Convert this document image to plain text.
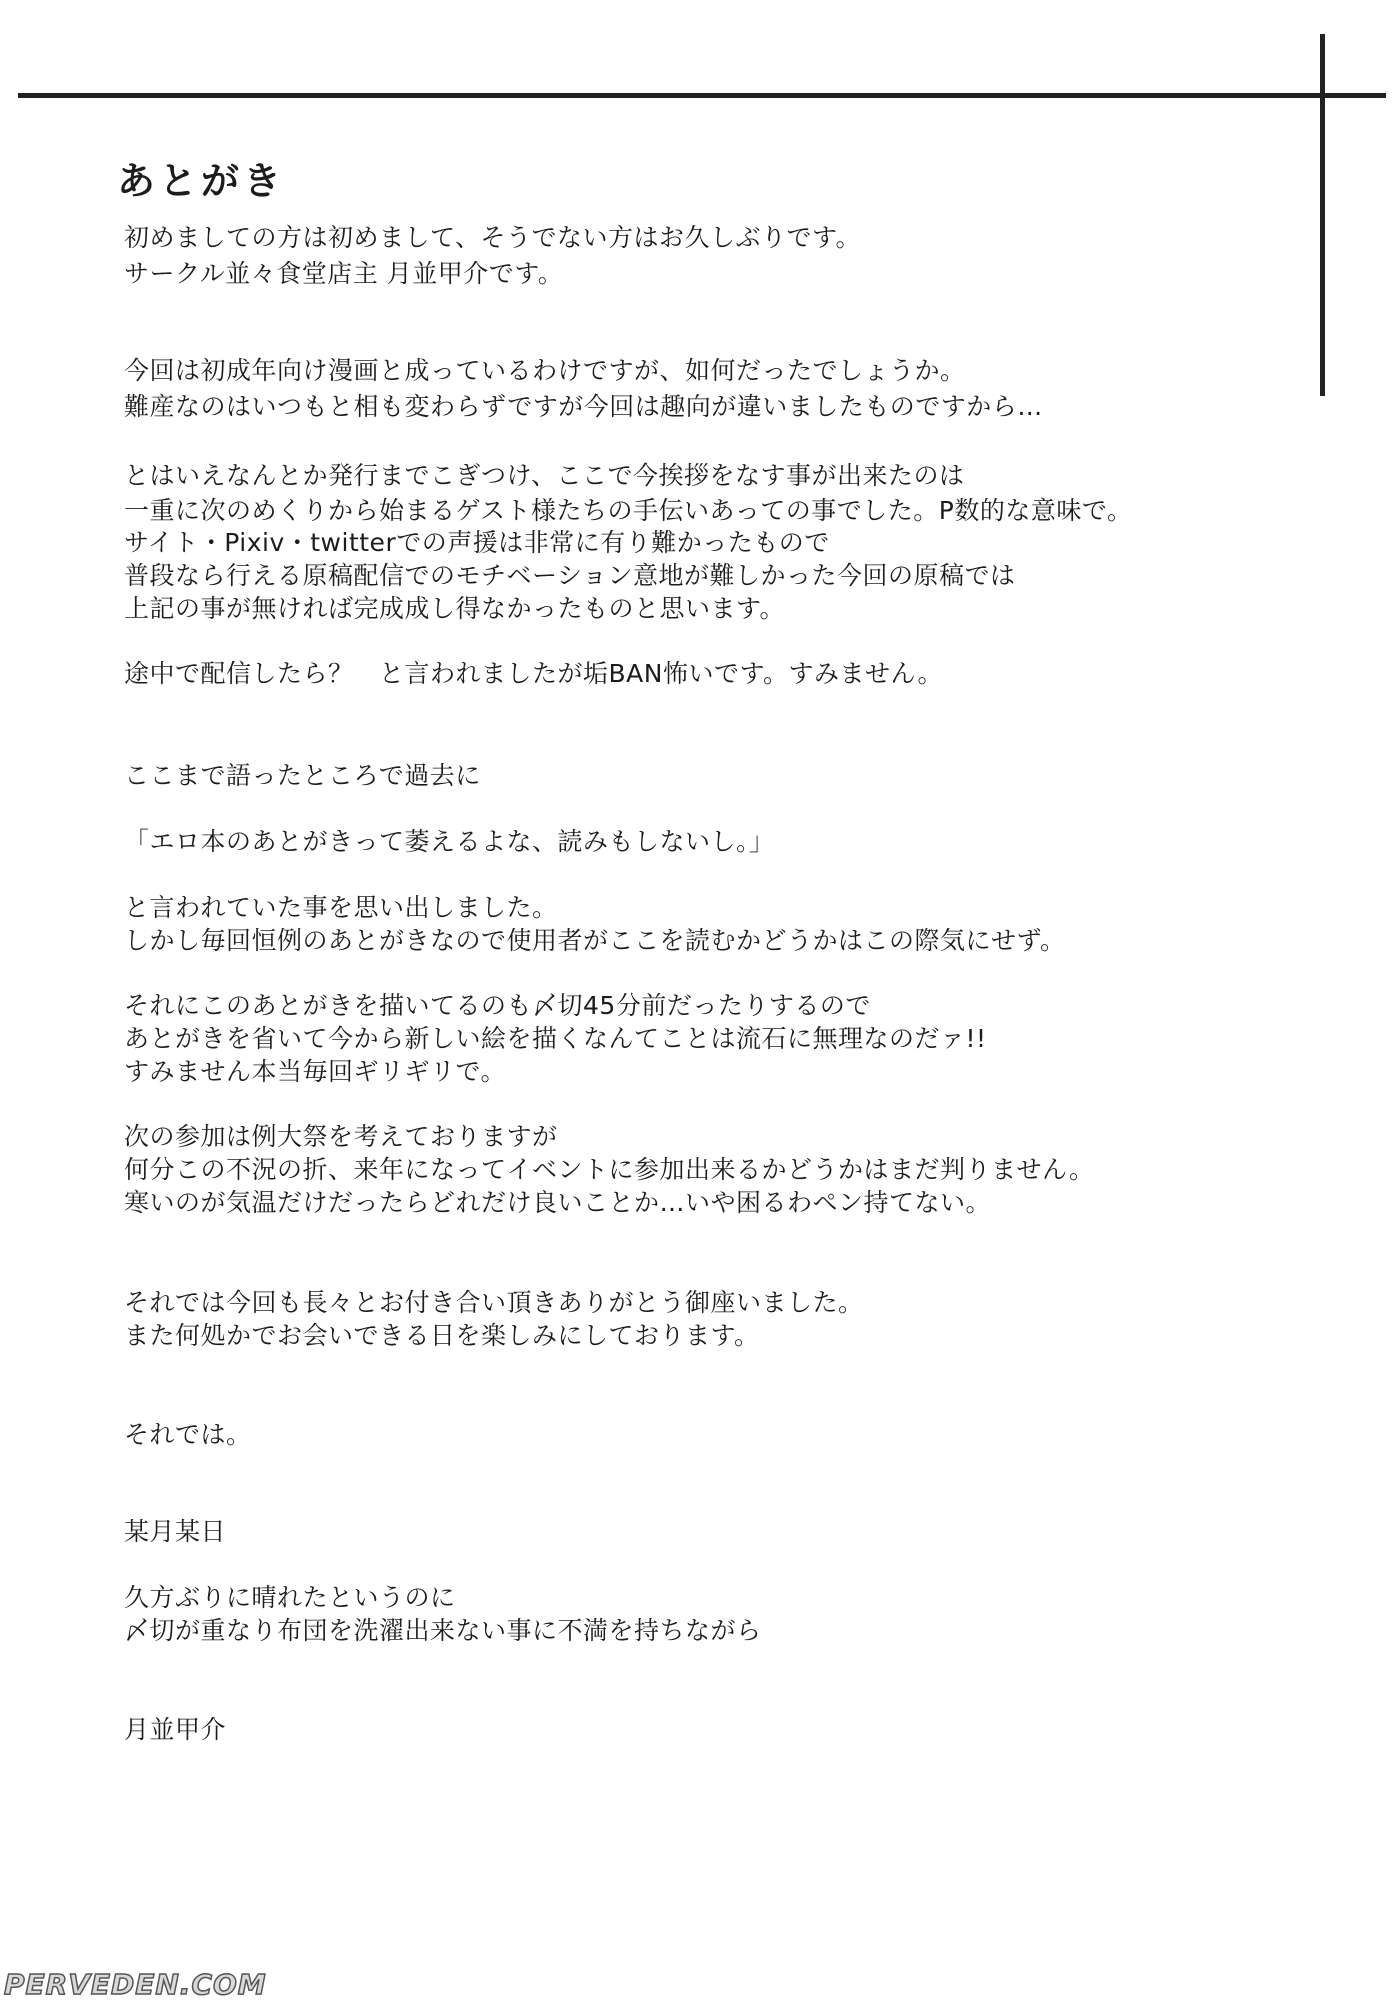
あとがき
初めましての方は初めまして、そうでない方はお久しぶりです。
サークル並々食堂店主 月並甲介です。
今回は初成年向け漫画と成っているわけですが、如何だったでしょうか。
難産なのはいつもと相も変わらずですが今回は趣向が違いましたものですから…
とはいえなんとか発行までこぎつけ、ここで今挨拶をなす事が出来たのは
一重に次のめくりから始まるゲスト様たちの手伝いあっての事でした。P数的な意味で。
サイト・Pixiv・twitterでの声援は非常に有り難かったもので
普段なら行える原稿配信でのモチベーション意地が難しかった今回の原稿では
上記の事が無ければ完成成し得なかったものと思います。
途中で配信したら？　と言われましたが垢BAN怖いです。すみません。
ここまで語ったところで過去に
「エロ本のあとがきって萎えるよな、読みもしないし。」
と言われていた事を思い出しました。
しかし毎回恒例のあとがきなので使用者がここを読むかどうかはこの際気にせず。
それにこのあとがきを描いてるのも〆切45分前だったりするので
あとがきを省いて今から新しい絵を描くなんてことは流石に無理なのだァ!!
すみません本当毎回ギリギリで。
次の参加は例大祭を考えておりますが
何分この不況の折、来年になってイベントに参加出来るかどうかはまだ判りません。
寒いのが気温だけだったらどれだけ良いことか…いや困るわペン持てない。
それでは今回も長々とお付き合い頂きありがとう御座いました。
また何処かでお会いできる日を楽しみにしております。
それでは。
某月某日
久方ぶりに晴れたというのに
〆切が重なり布団を洗濯出来ない事に不満を持ちながら
月並甲介
PERVEDEN.COM
